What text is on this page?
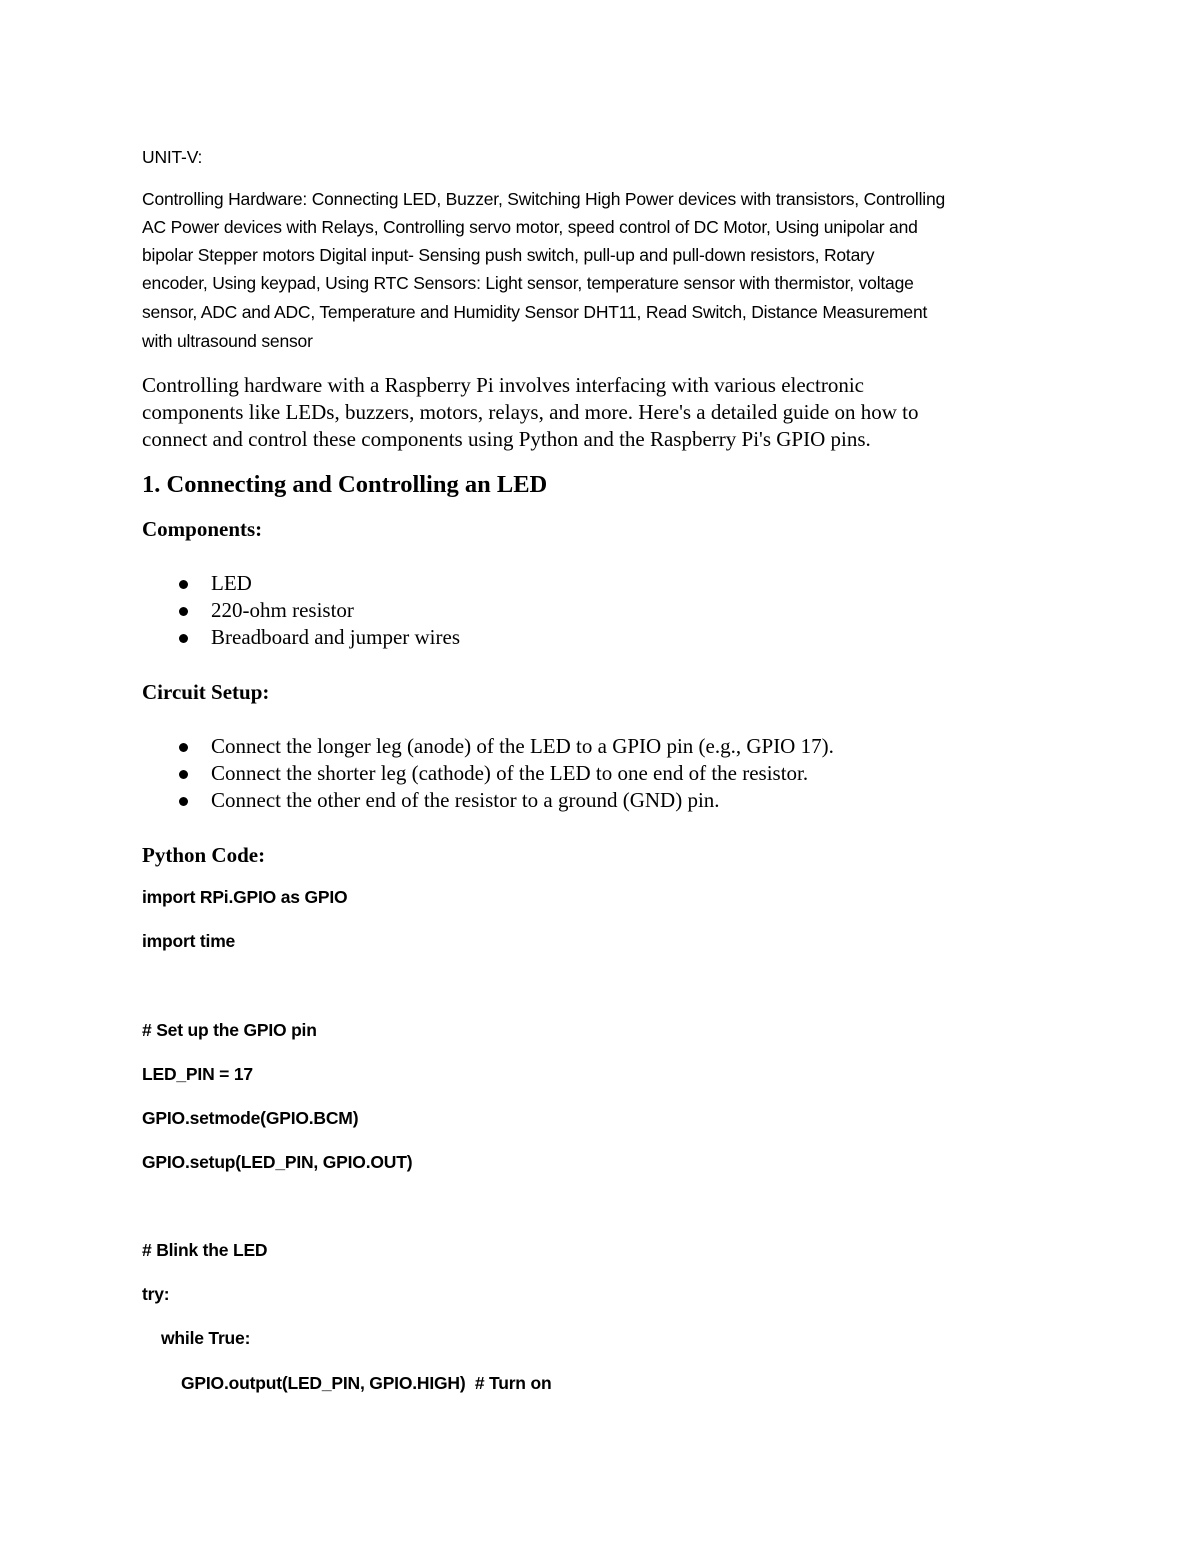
UNIT-V:
Controlling Hardware: Connecting LED, Buzzer, Switching High Power devices with transistors, Controlling
AC Power devices with Relays, Controlling servo motor, speed control of DC Motor, Using unipolar and
bipolar Stepper motors Digital input- Sensing push switch, pull-up and pull-down resistors, Rotary
encoder, Using keypad, Using RTC Sensors: Light sensor, temperature sensor with thermistor, voltage
sensor, ADC and ADC, Temperature and Humidity Sensor DHT11, Read Switch, Distance Measurement
with ultrasound sensor
Controlling hardware with a Raspberry Pi involves interfacing with various electronic
components like LEDs, buzzers, motors, relays, and more. Here's a detailed guide on how to
connect and control these components using Python and the Raspberry Pi's GPIO pins.
1. Connecting and Controlling an LED
Components:
LED
220-ohm resistor
Breadboard and jumper wires
Circuit Setup:
Connect the longer leg (anode) of the LED to a GPIO pin (e.g., GPIO 17).
Connect the shorter leg (cathode) of the LED to one end of the resistor.
Connect the other end of the resistor to a ground (GND) pin.
Python Code:
import RPi.GPIO as GPIO
import time
# Set up the GPIO pin
LED_PIN = 17
GPIO.setmode(GPIO.BCM)
GPIO.setup(LED_PIN, GPIO.OUT)
# Blink the LED
try:
while True:
GPIO.output(LED_PIN, GPIO.HIGH)  # Turn on
